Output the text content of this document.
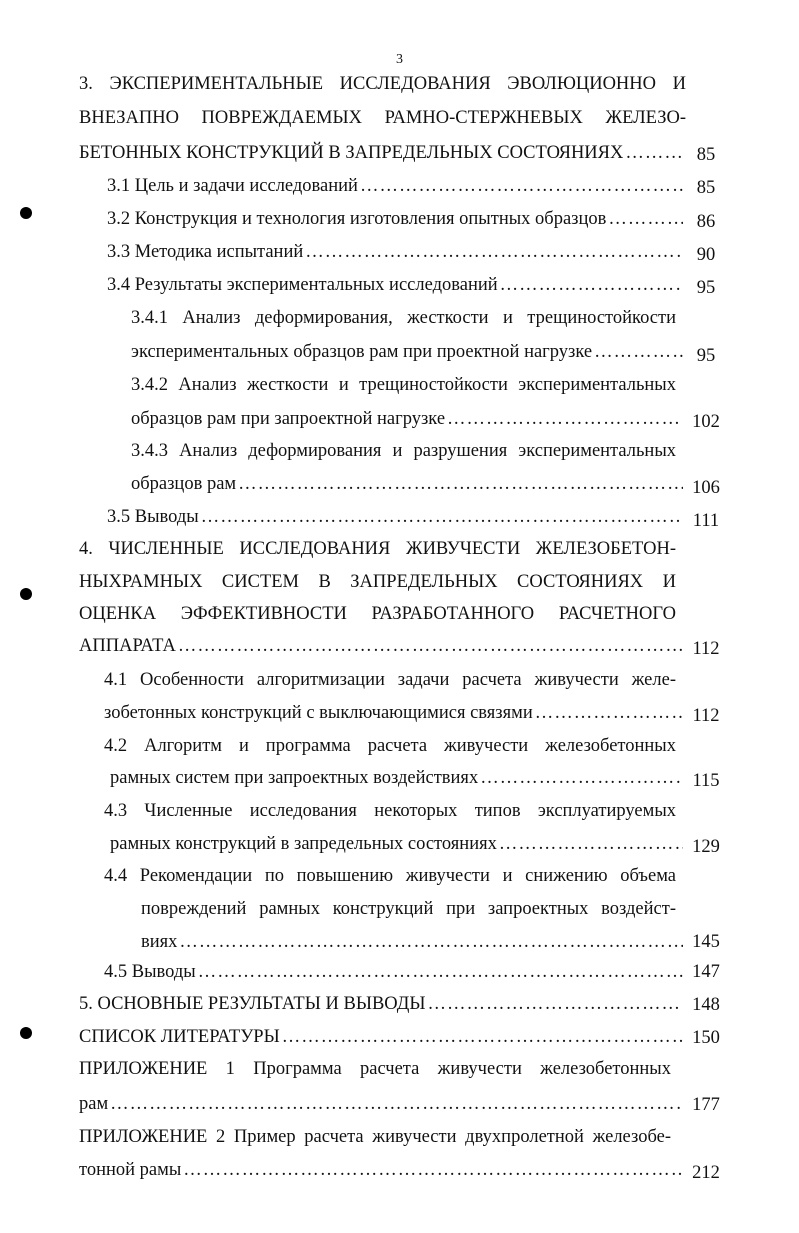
3
3. ЭКСПЕРИМЕНТАЛЬНЫЕ ИССЛЕДОВАНИЯ ЭВОЛЮЦИОННО И
ВНЕЗАПНО ПОВРЕЖДАЕМЫХ РАМНО-СТЕРЖНЕВЫХ ЖЕЛЕЗО-
БЕТОННЫХ КОНСТРУКЦИЙ В ЗАПРЕДЕЛЬНЫХ СОСТОЯНИЯХ …………………………………………………………………………………………………………………………………………………………………………	85
3.1 Цель и задачи исследований …………………………………………………………………………………………………………………………………………………………………………	85
3.2 Конструкция и технология изготовления опытных образцов …………………………………………………………………………………………………………………………………………………………………………	86
3.3 Методика испытаний …………………………………………………………………………………………………………………………………………………………………………	90
3.4 Результаты экспериментальных исследований …………………………………………………………………………………………………………………………………………………………………………	95
3.4.1 Анализ деформирования, жесткости и трещиностойкости
экспериментальных образцов рам при проектной нагрузке …………………………………………………………………………………………………………………………………………………………………………	95
3.4.2 Анализ жесткости и трещиностойкости экспериментальных
образцов рам при запроектной нагрузке …………………………………………………………………………………………………………………………………………………………………………	102
3.4.3 Анализ деформирования и разрушения экспериментальных
образцов рам …………………………………………………………………………………………………………………………………………………………………………	106
3.5 Выводы …………………………………………………………………………………………………………………………………………………………………………	111
4. ЧИСЛЕННЫЕ ИССЛЕДОВАНИЯ ЖИВУЧЕСТИ ЖЕЛЕЗОБЕТОН-
НЫХРАМНЫХ СИСТЕМ В ЗАПРЕДЕЛЬНЫХ СОСТОЯНИЯХ И
ОЦЕНКА ЭФФЕКТИВНОСТИ РАЗРАБОТАННОГО РАСЧЕТНОГО
АППАРАТА …………………………………………………………………………………………………………………………………………………………………………	112
4.1 Особенности алгоритмизации задачи расчета живучести желе-
зобетонных конструкций с выключающимися связями …………………………………………………………………………………………………………………………………………………………………………	112
4.2 Алгоритм и программа расчета живучести железобетонных
рамных систем при запроектных воздействиях …………………………………………………………………………………………………………………………………………………………………………	115
4.3 Численные исследования некоторых типов эксплуатируемых
рамных конструкций в запредельных состояниях …………………………………………………………………………………………………………………………………………………………………………	129
4.4 Рекомендации по повышению живучести и снижению объема
повреждений рамных конструкций при запроектных воздейст-
виях …………………………………………………………………………………………………………………………………………………………………………	145
4.5 Выводы …………………………………………………………………………………………………………………………………………………………………………	147
5. ОСНОВНЫЕ РЕЗУЛЬТАТЫ И ВЫВОДЫ …………………………………………………………………………………………………………………………………………………………………………	148
СПИСОК ЛИТЕРАТУРЫ …………………………………………………………………………………………………………………………………………………………………………	150
ПРИЛОЖЕНИЕ 1 Программа расчета живучести железобетонных
рам …………………………………………………………………………………………………………………………………………………………………………	177
ПРИЛОЖЕНИЕ 2 Пример расчета живучести двухпролетной железобе-
тонной рамы …………………………………………………………………………………………………………………………………………………………………………	212
